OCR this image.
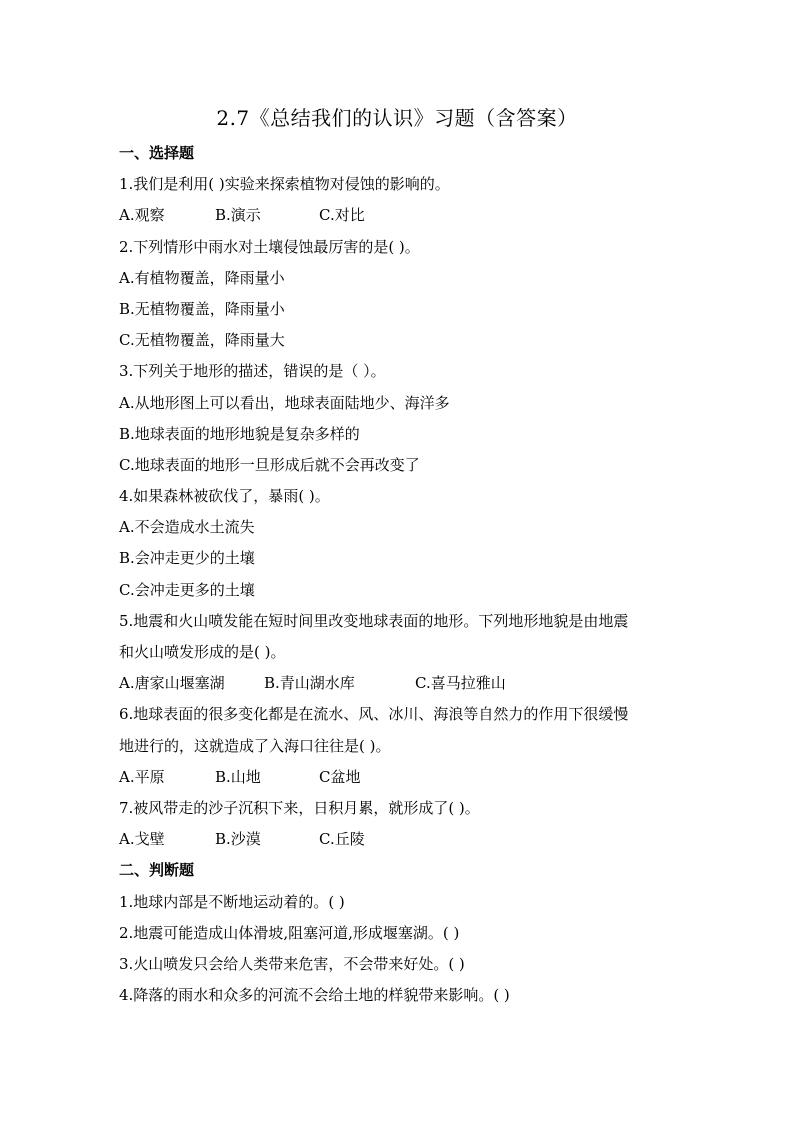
2.7《总结我们的认识》习题（含答案）
一、选择题
1.我们是利用( )实验来探索植物对侵蚀的影响的。
A.观察	B.演示	C.对比
2.下列情形中雨水对土壤侵蚀最厉害的是( )。
A.有植物覆盖，降雨量小
B.无植物覆盖，降雨量小
C.无植物覆盖，降雨量大
3.下列关于地形的描述，错误的是（ ）。
A.从地形图上可以看出，地球表面陆地少、海洋多
B.地球表面的地形地貌是复杂多样的
C.地球表面的地形一旦形成后就不会再改变了
4.如果森林被砍伐了，暴雨( )。
A.不会造成水土流失
B.会冲走更少的土壤
C.会冲走更多的土壤
5.地震和火山喷发能在短时间里改变地球表面的地形。下列地形地貌是由地震
和火山喷发形成的是( )。
A.唐家山堰塞湖	B.青山湖水库	C.喜马拉雅山
6.地球表面的很多变化都是在流水、风、冰川、海浪等自然力的作用下很缓慢
地进行的，这就造成了入海口往往是( )。
A.平原	B.山地	C盆地
7.被风带走的沙子沉积下来，日积月累，就形成了( )。
A.戈壁	B.沙漠	C.丘陵
二、判断题
1.地球内部是不断地运动着的。( )
2.地震可能造成山体滑坡,阻塞河道,形成堰塞湖。( )
3.火山喷发只会给人类带来危害，不会带来好处。( )
4.降落的雨水和众多的河流不会给土地的样貌带来影响。( )
